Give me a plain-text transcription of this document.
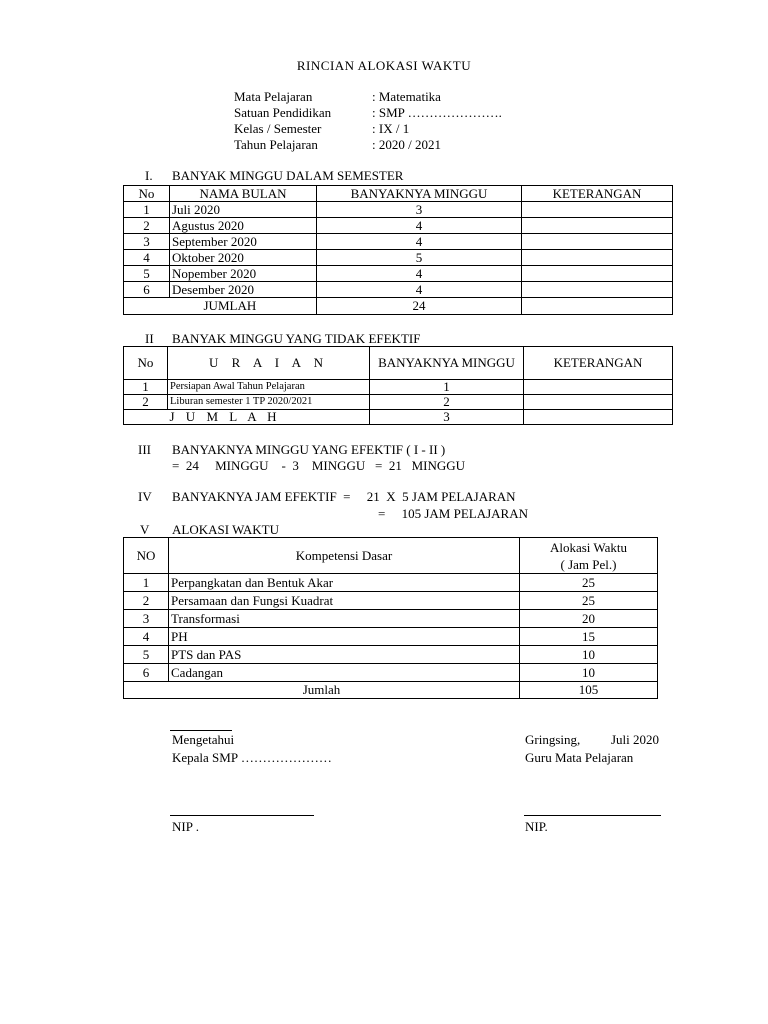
RINCIAN ALOKASI WAKTU
Mata Pelajaran	: Matematika
Satuan Pendidikan	: SMP ………………….
Kelas / Semester	: IX / 1
Tahun Pelajaran	: 2020 / 2021
I. BANYAK MINGGU DALAM SEMESTER
No	NAMA BULAN	BANYAKNYA MINGGU	KETERANGAN
1	Juli 2020	3	
2	Agustus 2020	4	
3	September 2020	4	
4	Oktober 2020	5	
5	Nopember 2020	4	
6	Desember 2020	4	
	JUMLAH	24	
II BANYAK MINGGU YANG TIDAK EFEKTIF
No	U R A I A N	BANYAKNYA MINGGU	KETERANGAN
1	Persiapan Awal Tahun Pelajaran	1	
2	Liburan semester 1 TP 2020/2021	2	
	J U M L A H	3	
III BANYAKNYA MINGGU YANG EFEKTIF ( I - II )
=  24     MINGGU    -  3    MINGGU   =  21   MINGGU
IV BANYAKNYA JAM EFEKTIF  =     21  X  5 JAM PELAJARAN
=     105 JAM PELAJARAN
V ALOKASI WAKTU
NO	Kompetensi Dasar	Alokasi Waktu
( Jam Pel.)

1	Perpangkatan dan Bentuk Akar	25
2	Persamaan dan Fungsi Kuadrat	25
3	Transformasi	20
4	PH	15
5	PTS dan PAS	10
6	Cadangan	10
Jumlah		105
Mengetahui
Kepala SMP …………………
Gringsing, Juli 2020
Guru Mata Pelajaran
NIP .	NIP.
